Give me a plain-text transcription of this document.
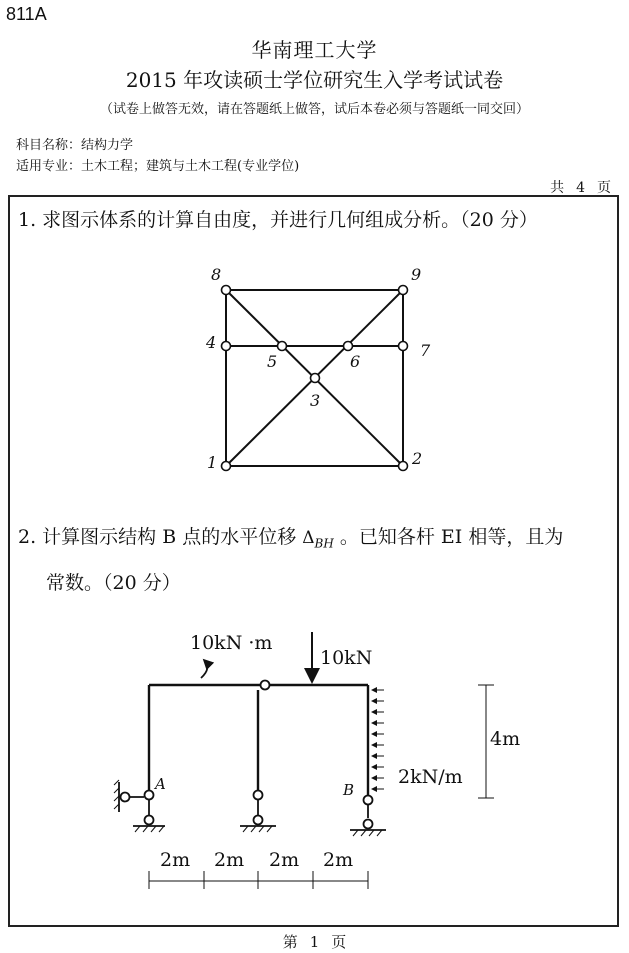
811A
华南理工大学
2015 年攻读硕士学位研究生入学考试试卷
（试卷上做答无效，请在答题纸上做答，试后本卷必须与答题纸一同交回）
科目名称：结构力学
适用专业：土木工程；建筑与土木工程(专业学位)
共 4 页
1. 求图示体系的计算自由度，并进行几何组成分析。（20 分）
1	2
3
4
5	6
7
8	9
2. 计算图示结构 B 点的水平位移 $\Delta_{BH}$ 。已知各杆 EI 相等，且为
常数。（20 分）
10kN ·m
10kN
2kN/m
4m
A	B
2m 2m 2m 2m
第 1 页
